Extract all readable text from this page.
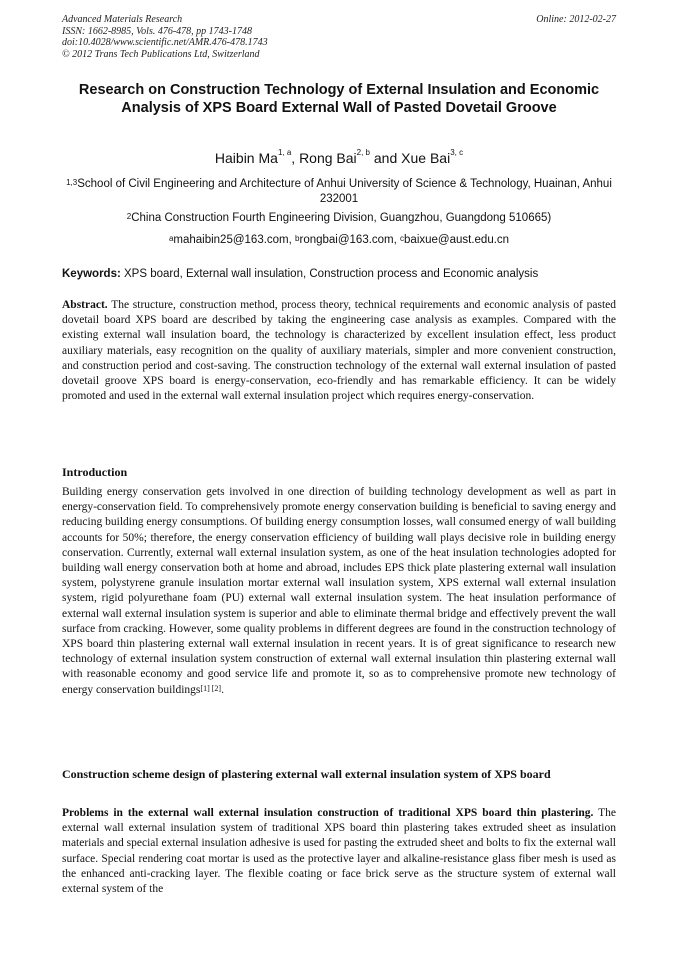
Advanced Materials Research
ISSN: 1662-8985, Vols. 476-478, pp 1743-1748
doi:10.4028/www.scientific.net/AMR.476-478.1743
© 2012 Trans Tech Publications Ltd, Switzerland
Online: 2012-02-27
Research on Construction Technology of External Insulation and Economic Analysis of XPS Board External Wall of Pasted Dovetail Groove
Haibin Ma$^{1, a}$, Rong Bai$^{2, b}$ and Xue Bai$^{3, c}$
$^{1,3}$School of Civil Engineering and Architecture of Anhui University of Science & Technology, Huainan, Anhui 232001
$^2$China Construction Fourth Engineering Division, Guangzhou, Guangdong 510665)
$^a$mahaibin25@163.com, $^b$rongbai@163.com, $^c$baixue@aust.edu.cn
Keywords: XPS board, External wall insulation, Construction process and Economic analysis
Abstract. The structure, construction method, process theory, technical requirements and economic analysis of pasted dovetail board XPS board are described by taking the engineering case analysis as examples. Compared with the existing external wall insulation board, the technology is characterized by excellent insulation effect, less product auxiliary materials, easy recognition on the quality of auxiliary materials, simpler and more convenient construction, and construction period and cost-saving. The construction technology of the external wall external insulation of pasted dovetail groove XPS board is energy-conservation, eco-friendly and has remarkable efficiency. It can be widely promoted and used in the external wall external insulation project which requires energy-conservation.
Introduction
Building energy conservation gets involved in one direction of building technology development as well as part in energy-conservation field. To comprehensively promote energy conservation building is beneficial to saving energy and reducing building energy consumptions. Of building energy consumption losses, wall consumed energy of wall building accounts for 50%; therefore, the energy conservation efficiency of building wall plays decisive role in building energy conservation. Currently, external wall external insulation system, as one of the heat insulation technologies adopted for building wall energy conservation both at home and abroad, includes EPS thick plate plastering external wall insulation system, polystyrene granule insulation mortar external wall insulation system, XPS external wall external insulation system, rigid polyurethane foam (PU) external wall external insulation system. The heat insulation performance of external wall external insulation system is superior and able to eliminate thermal bridge and effectively prevent the wall surface from cracking. However, some quality problems in different degrees are found in the construction technology of XPS board thin plastering external wall external insulation in recent years. It is of great significance to research new technology of external insulation system construction of external wall external insulation thin plastering external wall with reasonable economy and good service life and promote it, so as to comprehensive promote new technology of energy conservation buildings[1] [2].
Construction scheme design of plastering external wall external insulation system of XPS board
Problems in the external wall external insulation construction of traditional XPS board thin plastering. The external wall external insulation system of traditional XPS board thin plastering takes extruded sheet as insulation materials and special external insulation adhesive is used for pasting the extruded sheet and bolts to fix the external wall surface. Special rendering coat mortar is used as the protective layer and alkaline-resistance glass fiber mesh is used as the enhanced anti-cracking layer. The flexible coating or face brick serve as the structure system of external wall external system of the
